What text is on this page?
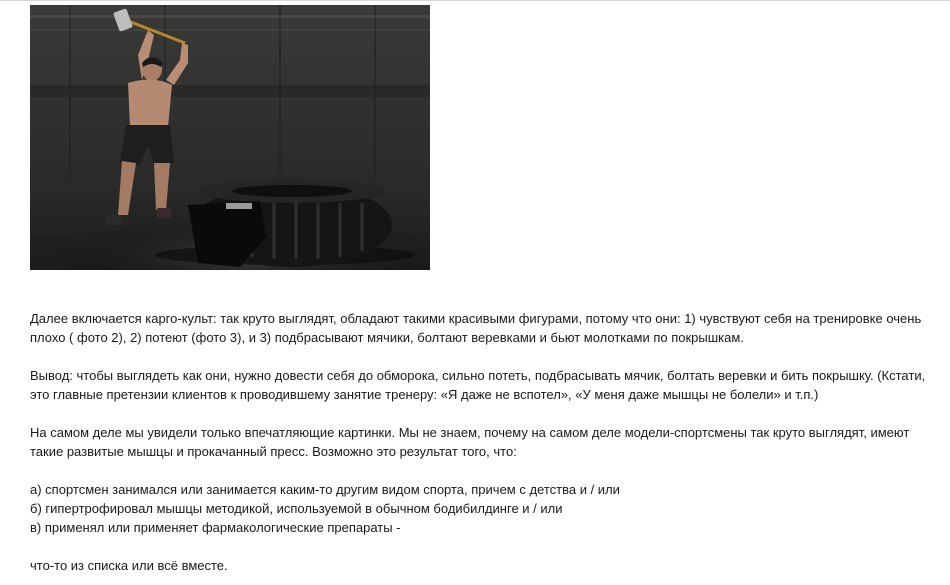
Далее включается карго-культ: так круто выглядят, обладают такими красивыми фигурами, потому что они: 1) чувствуют себя на тренировке очень плохо ( фото 2), 2) потеют (фото 3), и 3) подбрасывают мячики, болтают веревками и бьют молотками по покрышкам.

Вывод: чтобы выглядеть как они, нужно довести себя до обморока, сильно потеть, подбрасывать мячик, болтать веревки и бить покрышку. (Кстати, это главные претензии клиентов к проводившему занятие тренеру: «Я даже не вспотел», «У меня даже мышцы не болели» и т.п.)

На самом деле мы увидели только впечатляющие картинки. Мы не знаем, почему на самом деле модели-спортсмены так круто выглядят, имеют такие развитые мышцы и прокачанный пресс. Возможно это результат того, что:

а) спортсмен занимался или занимается каким-то другим видом спорта, причем с детства и / или

б) гипертрофировал мышцы методикой, используемой в обычном бодибилдинге и / или

в) применял или применяет фармакологические препараты -

что-то из списка или всё вместе.
